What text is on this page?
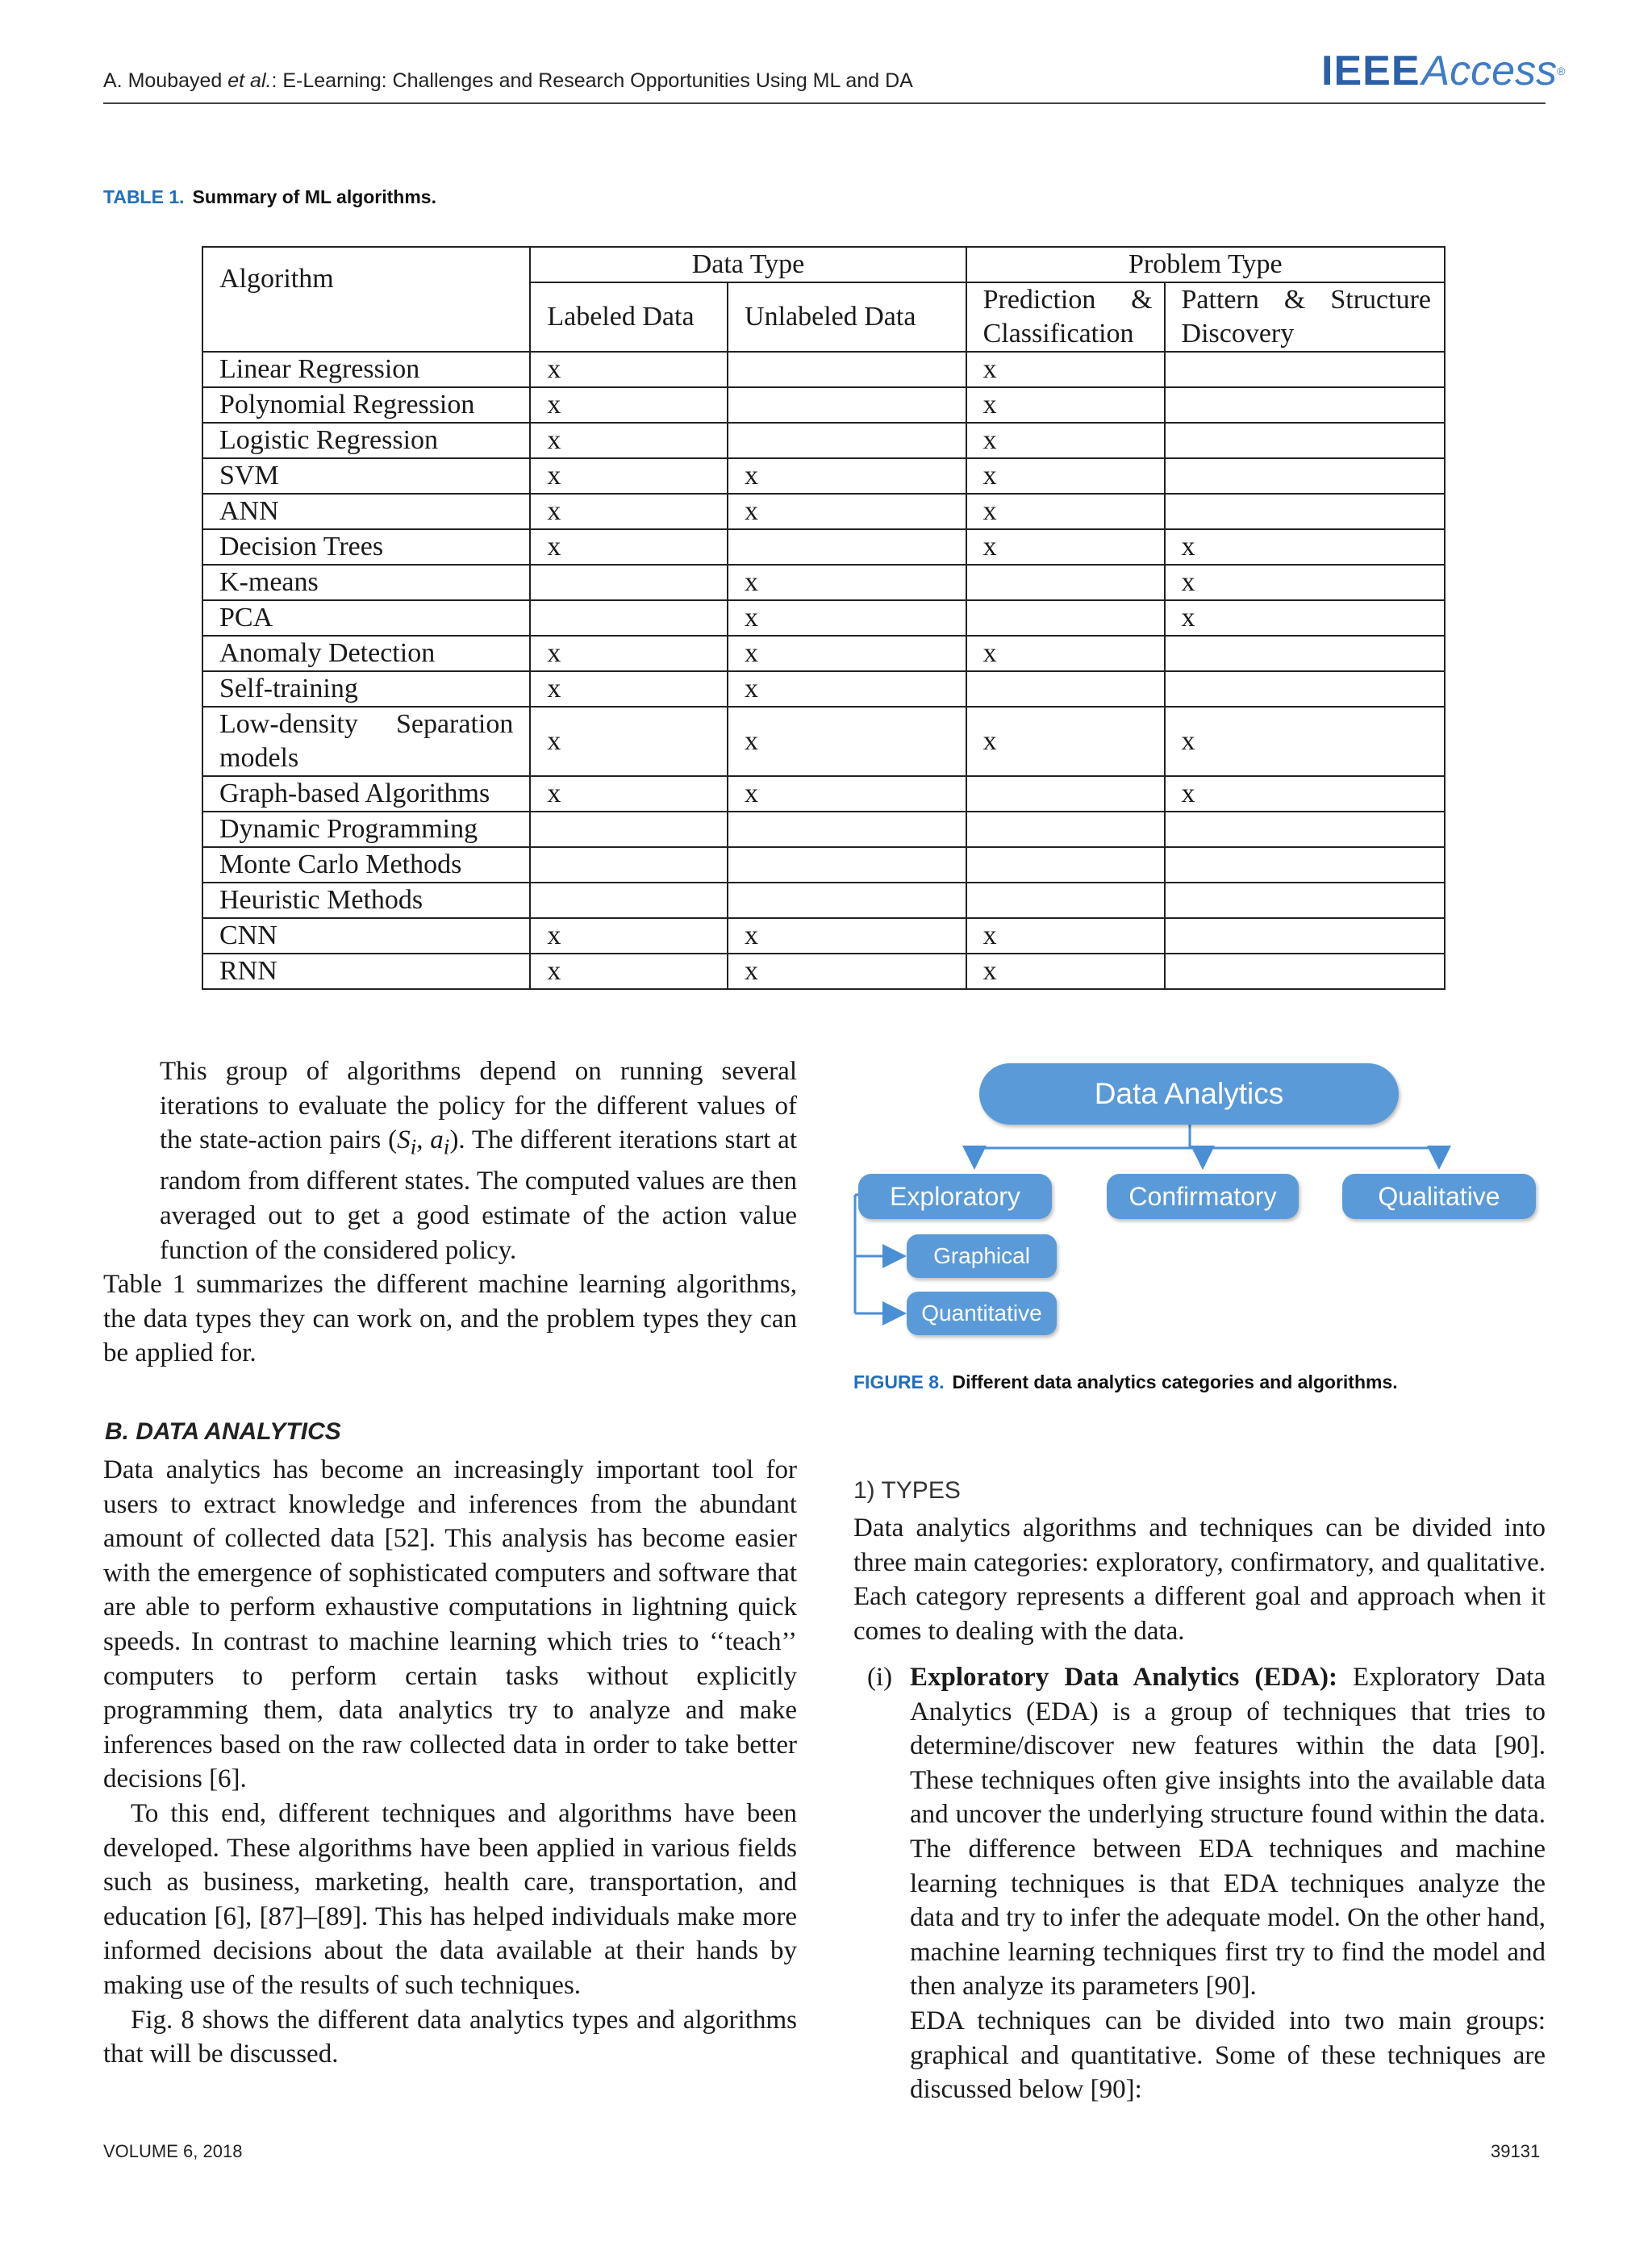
A. Moubayed et al.: E-Learning: Challenges and Research Opportunities Using ML and DA	IEEEAccess®
TABLE 1. Summary of ML algorithms.
Algorithm	Data Type		Problem Type	
	Labeled Data	Unlabeled Data	Prediction & Classification	Pattern & Structure Discovery
Linear Regression	x		x	
Polynomial Regression	x		x	
Logistic Regression	x		x	
SVM	x	x	x	
ANN	x	x	x	
Decision Trees	x		x	x
K-means		x		x
PCA		x		x
Anomaly Detection	x	x	x	
Self-training	x	x		
Low-density Separation models	x	x	x	x
Graph-based Algorithms	x	x		x
Dynamic Programming				
Monte Carlo Methods				
Heuristic Methods				
CNN	x	x	x	
RNN	x	x	x	

This group of algorithms depend on running several iterations to evaluate the policy for the different values of the state-action pairs ($S_i$, $a_i$). The different iterations start at random from different states. The computed values are then averaged out to get a good estimate of the action value function of the considered policy.

Table 1 summarizes the different machine learning algorithms, the data types they can work on, and the problem types they can be applied for.

B. DATA ANALYTICS

Data analytics has become an increasingly important tool for users to extract knowledge and inferences from the abundant amount of collected data [52]. This analysis has become easier with the emergence of sophisticated computers and software that are able to perform exhaustive computations in lightning quick speeds. In contrast to machine learning which tries to ‘‘teach’’ computers to perform certain tasks without explicitly programming them, data analytics try to analyze and make inferences based on the raw collected data in order to take better decisions [6].

To this end, different techniques and algorithms have been developed. These algorithms have been applied in various fields such as business, marketing, health care, transportation, and education [6], [87]–[89]. This has helped individuals make more informed decisions about the data available at their hands by making use of the results of such techniques.

Fig. 8 shows the different data analytics types and algorithms that will be discussed.

Data Analytics
Exploratory	Confirmatory	Qualitative
Graphical
Quantitative
FIGURE 8. Different data analytics categories and algorithms.
1) TYPES

Data analytics algorithms and techniques can be divided into three main categories: exploratory, confirmatory, and qualitative. Each category represents a different goal and approach when it comes to dealing with the data.

(i) Exploratory Data Analytics (EDA): Exploratory Data Analytics (EDA) is a group of techniques that tries to determine/discover new features within the data [90]. These techniques often give insights into the available data and uncover the underlying structure found within the data. The difference between EDA techniques and machine learning techniques is that EDA techniques analyze the data and try to infer the adequate model. On the other hand, machine learning techniques first try to find the model and then analyze its parameters [90].

EDA techniques can be divided into two main groups: graphical and quantitative. Some of these techniques are discussed below [90]:

VOLUME 6, 2018	39131
